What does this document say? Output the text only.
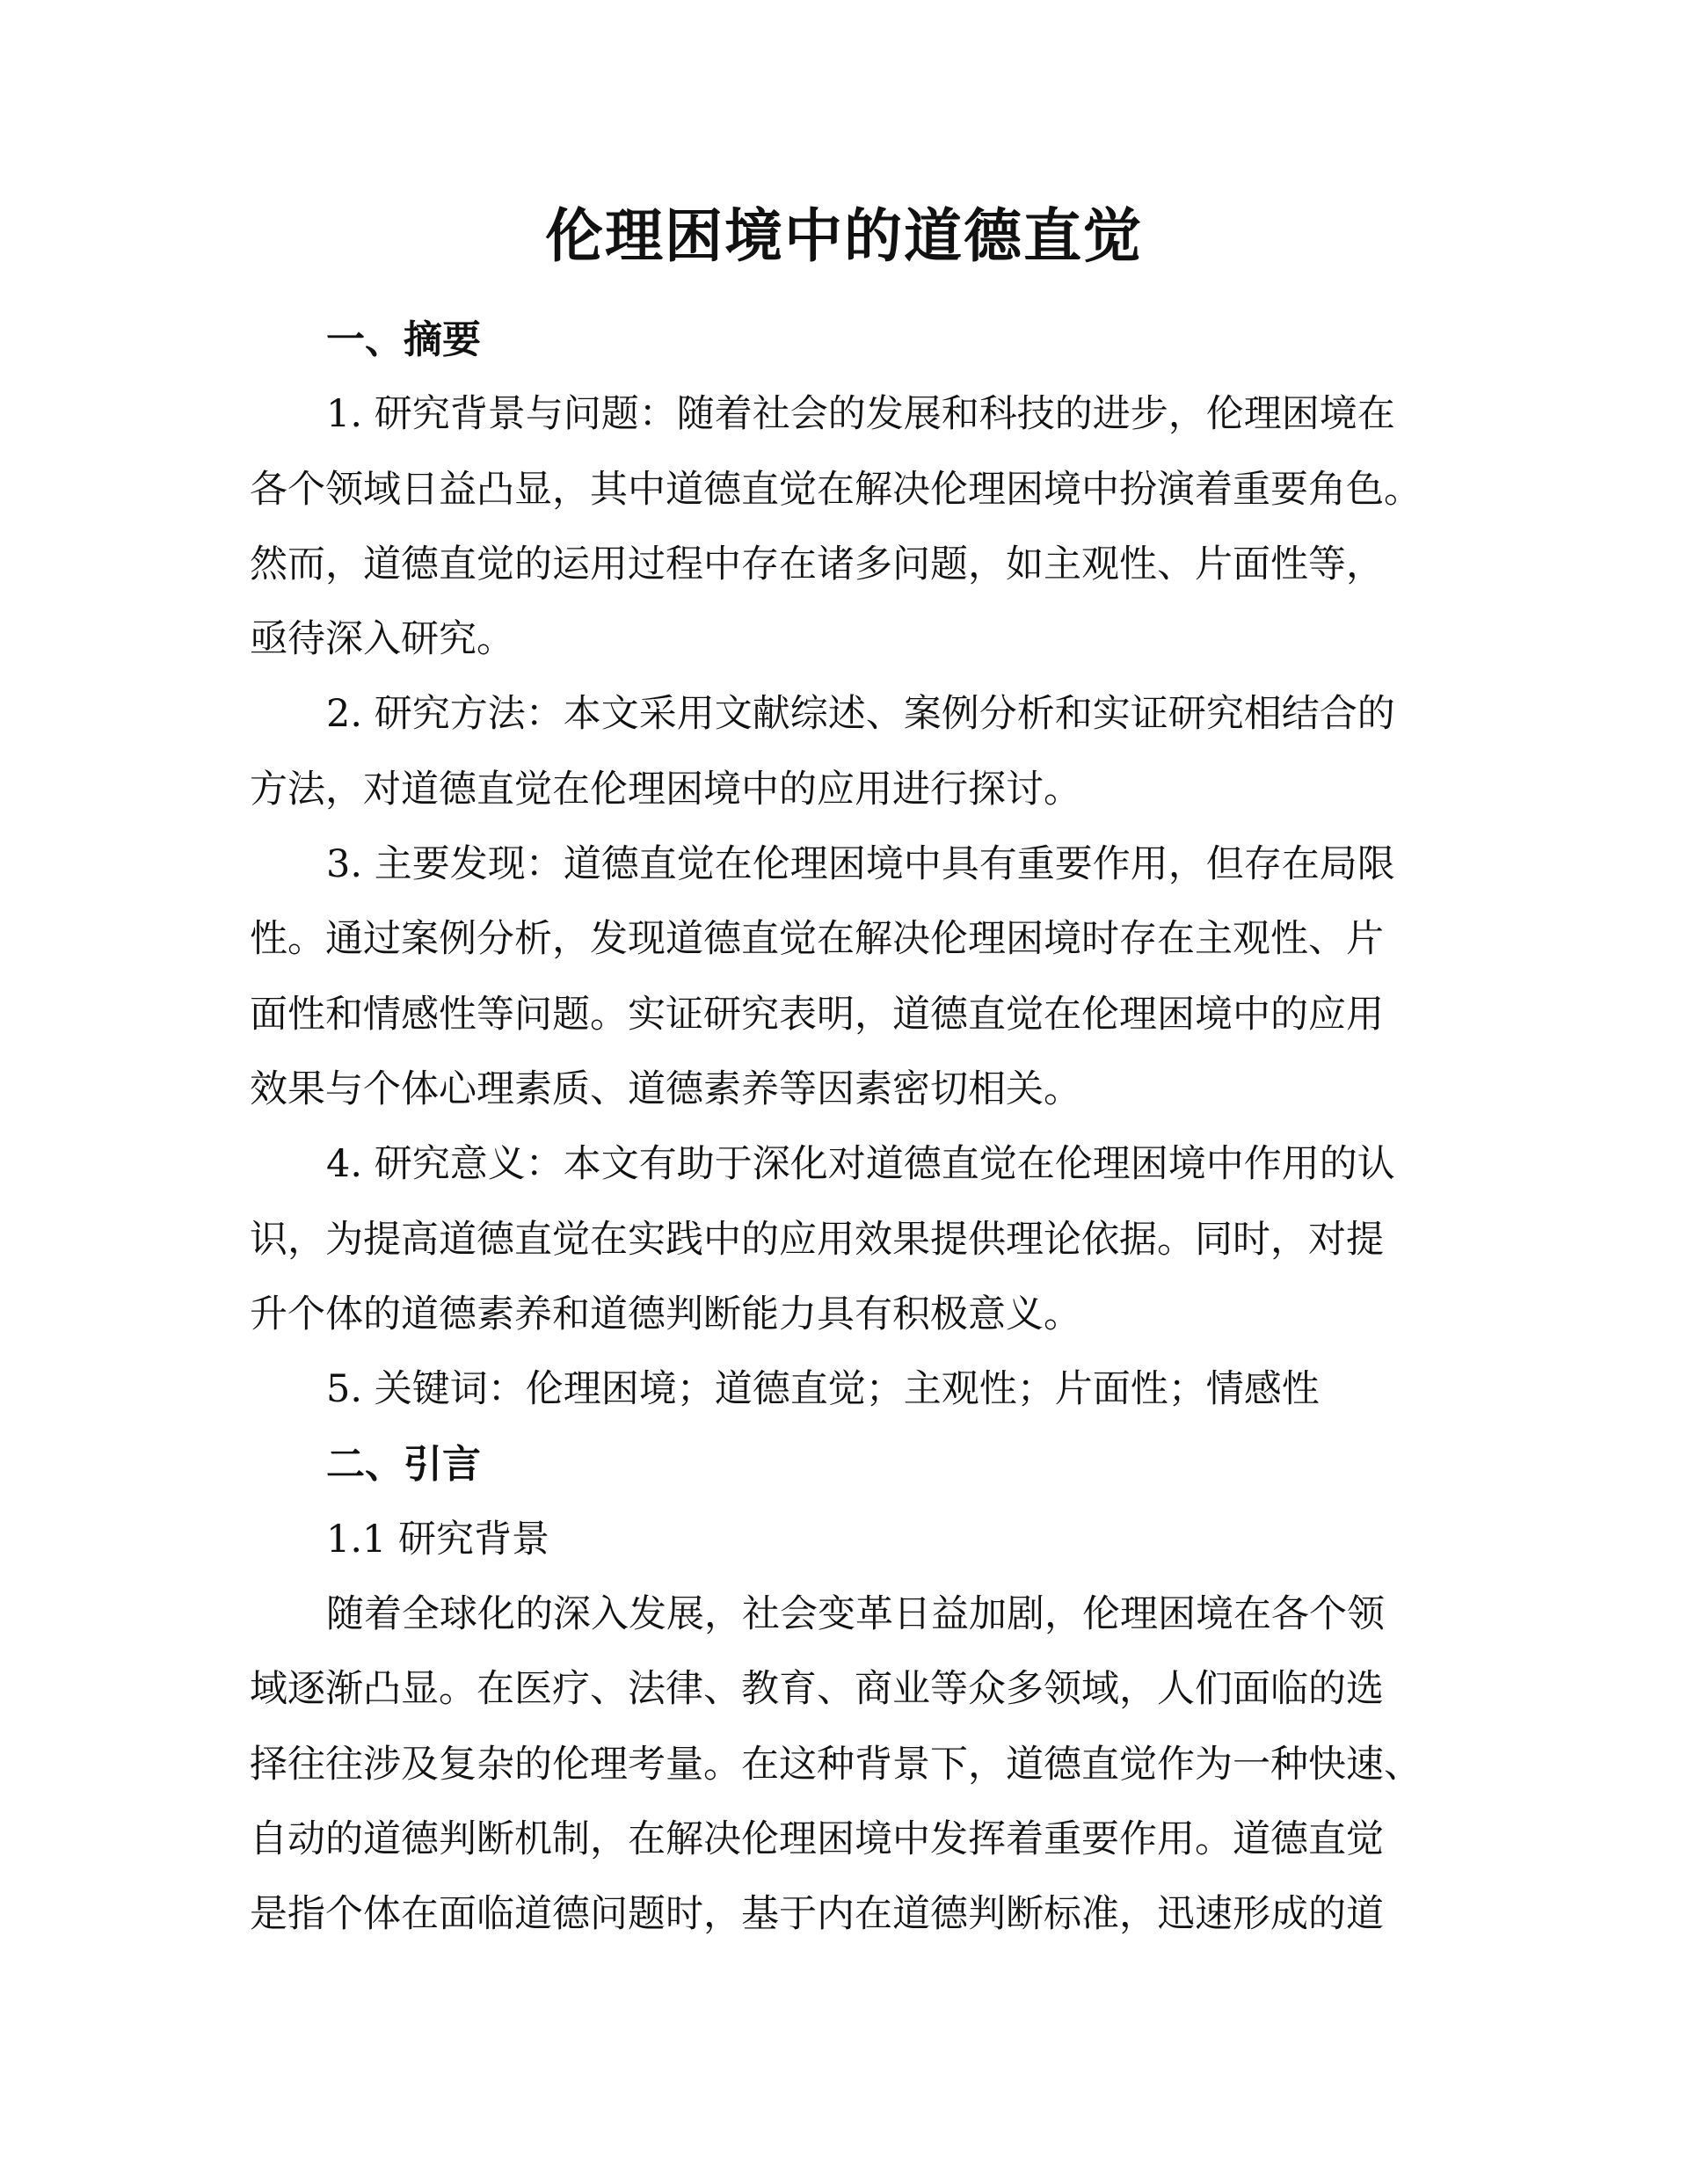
伦理困境中的道德直觉
一、摘要
1. 研究背景与问题：随着社会的发展和科技的进步，伦理困境在
各个领域日益凸显，其中道德直觉在解决伦理困境中扮演着重要角色。
然而，道德直觉的运用过程中存在诸多问题，如主观性、片面性等，
亟待深入研究。
2. 研究方法：本文采用文献综述、案例分析和实证研究相结合的
方法，对道德直觉在伦理困境中的应用进行探讨。
3. 主要发现：道德直觉在伦理困境中具有重要作用，但存在局限
性。通过案例分析，发现道德直觉在解决伦理困境时存在主观性、片
面性和情感性等问题。实证研究表明，道德直觉在伦理困境中的应用
效果与个体心理素质、道德素养等因素密切相关。
4. 研究意义：本文有助于深化对道德直觉在伦理困境中作用的认
识，为提高道德直觉在实践中的应用效果提供理论依据。同时，对提
升个体的道德素养和道德判断能力具有积极意义。
5. 关键词：伦理困境；道德直觉；主观性；片面性；情感性
二、引言
1.1 研究背景
随着全球化的深入发展，社会变革日益加剧，伦理困境在各个领
域逐渐凸显。在医疗、法律、教育、商业等众多领域，人们面临的选
择往往涉及复杂的伦理考量。在这种背景下，道德直觉作为一种快速、
自动的道德判断机制，在解决伦理困境中发挥着重要作用。道德直觉
是指个体在面临道德问题时，基于内在道德判断标准，迅速形成的道
